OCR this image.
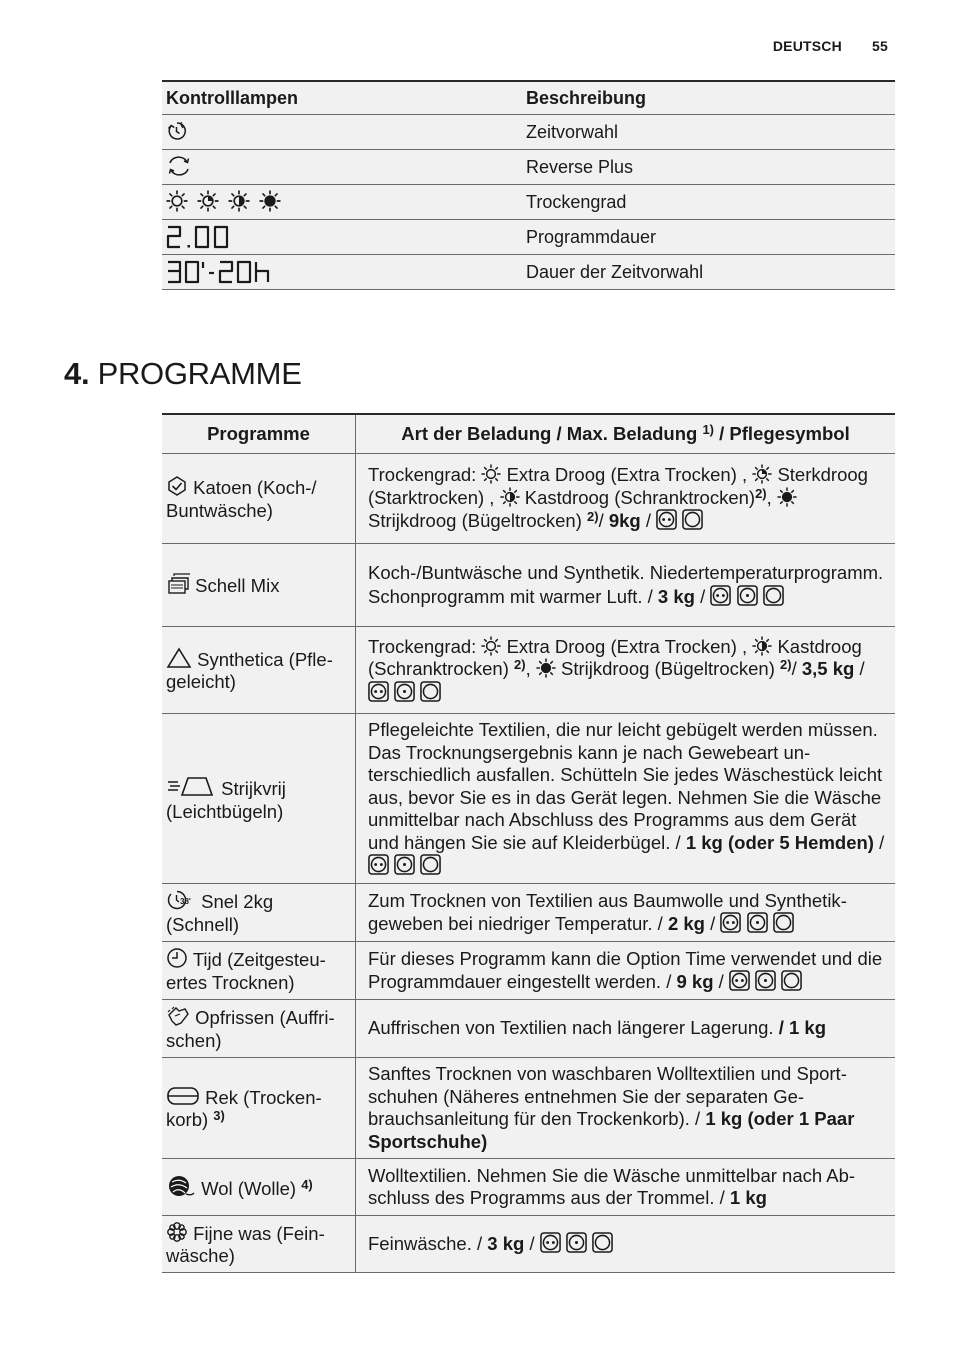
DEUTSCH 55
Kontrolllampen	Beschreibung
	Zeitvorwahl
	Reverse Plus
	Trockengrad
	Programmdauer
	Dauer der Zeitvorwahl
4. PROGRAMME
Programme	Art der Beladung / Max. Beladung $^{1)}$ / Pflegesymbol
Katoen (Koch-/ Buntwäsche)	Trockengrad: Extra Droog (Extra Trocken) , Sterkdroog (Starktrocken) , Kastdroog (Schranktrocken)$^{2)}$,  Strijkdroog (Bügeltrocken) $^{2)}$/ 9kg /
Schell Mix	Koch-/Buntwäsche und Synthetik. Niedertemperaturprogramm. Schonprogramm mit warmer Luft. / 3 kg /
Synthetica (Pflegeleicht)	Trockengrad: Extra Droog (Extra Trocken) , Kastdroog (Schranktrocken) $^{2)}$, Strijkdroog (Bügeltrocken) $^{2)}$/ 3,5 kg /
Strijkvrij (Leichtbügeln)	Pflegeleichte Textilien, die nur leicht gebügelt werden müssen. Das Trocknungsergebnis kann je nach Gewebeart unterschiedlich ausfallen. Schütteln Sie jedes Wäschestück leicht aus, bevor Sie es in das Gerät legen. Nehmen Sie die Wäsche unmittelbar nach Abschluss des Programms aus dem Gerät und hängen Sie sie auf Kleiderbügel. / 1 kg (oder 5 Hemden) /

38' Snel 2kg (Schnell)	Zum Trocknen von Textilien aus Baumwolle und Synthetikgeweben bei niedriger Temperatur. / 2 kg /
Tijd (Zeitgesteuertes Trocknen)	Für dieses Programm kann die Option Time verwendet und die Programmdauer eingestellt werden. / 9 kg /
Opfrissen (Auffrischen)	Auffrischen von Textilien nach längerer Lagerung. / 1 kg
Rek (Trockenkorb) $^{3)}$	Sanftes Trocknen von waschbaren Wolltextilien und Sportschuhen (Näheres entnehmen Sie der separaten Gebrauchsanleitung für den Trockenkorb). / 1 kg (oder 1 Paar Sportschuhe)
Wol (Wolle) $^{4)}$	Wolltextilien. Nehmen Sie die Wäsche unmittelbar nach Abschluss des Programms aus der Trommel. / 1 kg
Fijne was (Feinwäsche)	Feinwäsche. / 3 kg /
